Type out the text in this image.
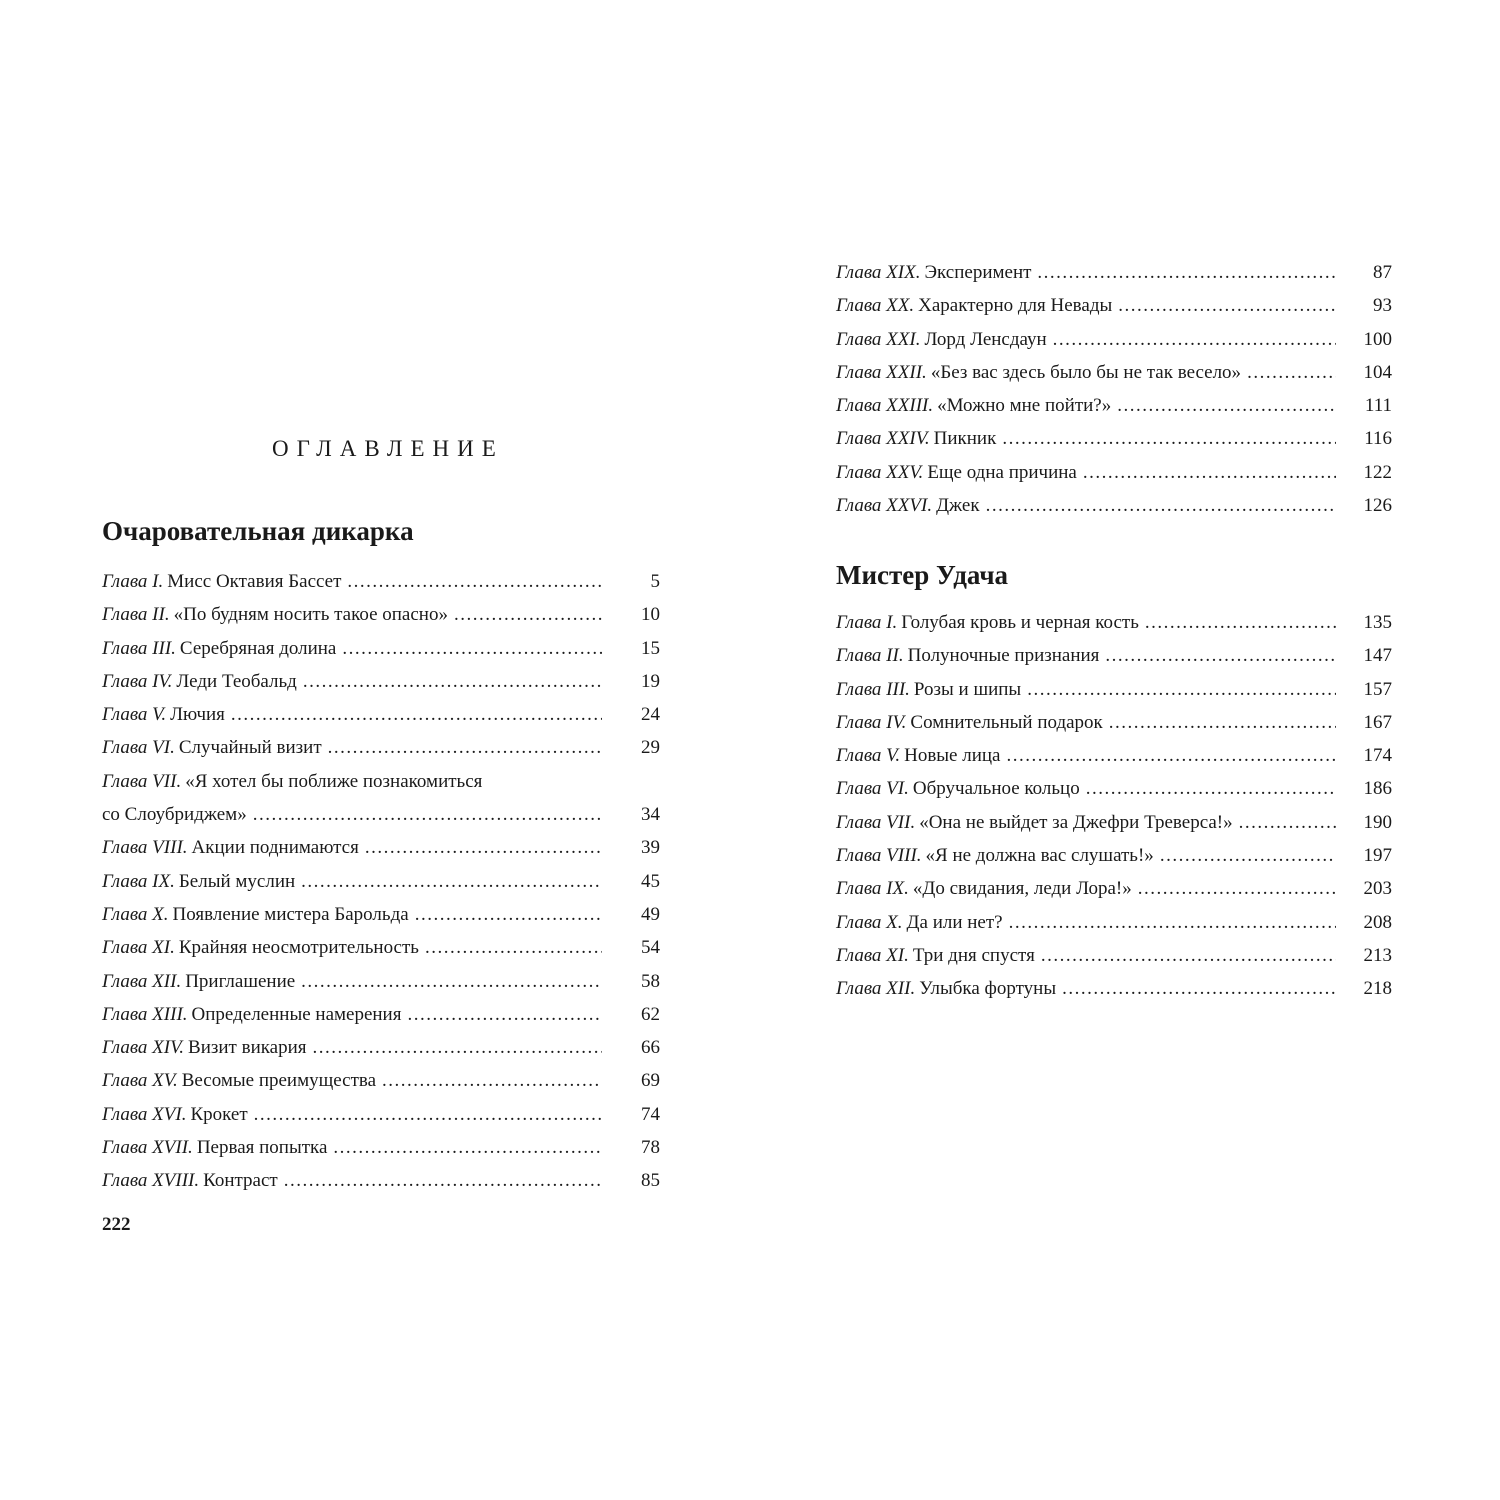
ОГЛАВЛЕНИЕ
Очаровательная дикарка
Глава I. Мисс Октавия Бассет .....	5
Глава II. «По будням носить такое опасно» .....	10
Глава III. Серебряная долина .....	15
Глава IV. Леди Теобальд .....	19
Глава V. Лючия .....	24
Глава VI. Случайный визит .....	29
Глава VII. «Я хотел бы поближе познакомиться
со Слоубриджем» .....	34
Глава VIII. Акции поднимаются .....	39
Глава IX. Белый муслин .....	45
Глава X. Появление мистера Барольда .....	49
Глава XI. Крайняя неосмотрительность .....	54
Глава XII. Приглашение .....	58
Глава XIII. Определенные намерения .....	62
Глава XIV. Визит викария .....	66
Глава XV. Весомые преимущества .....	69
Глава XVI. Крокет .....	74
Глава XVII. Первая попытка .....	78
Глава XVIII. Контраст .....	85
Глава XIX. Эксперимент .....	87
Глава XX. Характерно для Невады .....	93
Глава XXI. Лорд Ленсдаун .....	100
Глава XXII. «Без вас здесь было бы не так весело» .....	104
Глава XXIII. «Можно мне пойти?» .....	111
Глава XXIV. Пикник .....	116
Глава XXV. Еще одна причина .....	122
Глава XXVI. Джек .....	126
Мистер Удача
Глава I. Голубая кровь и черная кость .....	135
Глава II. Полуночные признания .....	147
Глава III. Розы и шипы .....	157
Глава IV. Сомнительный подарок .....	167
Глава V. Новые лица .....	174
Глава VI. Обручальное кольцо .....	186
Глава VII. «Она не выйдет за Джефри Треверса!» .....	190
Глава VIII. «Я не должна вас слушать!» .....	197
Глава IX. «До свидания, леди Лора!» .....	203
Глава X. Да или нет? .....	208
Глава XI. Три дня спустя .....	213
Глава XII. Улыбка фортуны .....	218

222
